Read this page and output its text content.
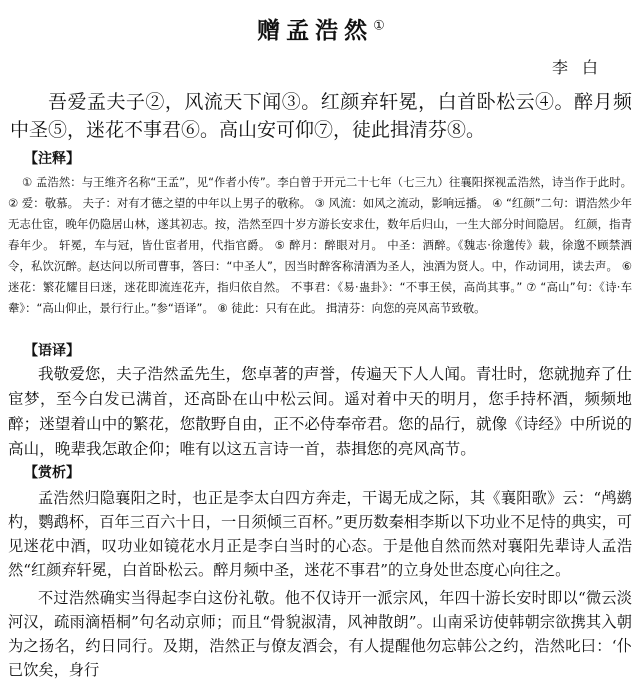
赠孟浩然①
李白
吾爱孟夫子②，风流天下闻③。红颜弃轩冕，白首卧松云④。醉月频中圣⑤，迷花不事君⑥。高山安可仰⑦，徒此揖清芬⑧。
【注释】
① 孟浩然：与王维齐名称“王孟”，见“作者小传”。李白曾于开元二十七年（七三九）往襄阳探视孟浩然，诗当作于此时。 ② 爱：敬慕。 夫子：对有才德之望的中年以上男子的敬称。 ③ 风流：如风之流动，影响远播。 ④ “红颜”二句：谓浩然少年无志仕宦，晚年仍隐居山林，遂其初志。按，浩然至四十岁方游长安求仕，数年后归山，一生大部分时间隐居。 红颜，指青春年少。 轩冕，车与冠，皆仕宦者用，代指官爵。 ⑤ 醉月：醉眼对月。 中圣：酒醉。《魏志·徐邈传》载，徐邈不顾禁酒令，私饮沉醉。赵达问以所司曹事，答曰：“中圣人”，因当时醉客称清酒为圣人，浊酒为贤人。中，作动词用，读去声。 ⑥ 迷花：繁花耀目曰迷，迷花即流连花卉，指归依自然。 不事君：《易·蛊卦》：“不事王侯，高尚其事。” ⑦ “高山”句：《诗·车舝》：“高山仰止，景行行止。”参“语译”。 ⑧ 徒此：只有在此。 揖清芬：向您的亮风高节致敬。
【语译】
我敬爱您，夫子浩然孟先生，您卓著的声誉，传遍天下人人闻。青壮时，您就抛弃了仕宦梦，至今白发已满首，还高卧在山中松云间。遥对着中天的明月，您手持杯酒，频频地醉；迷望着山中的繁花，您散野自由，正不必侍奉帝君。您的品行，就像《诗经》中所说的高山，晚辈我怎敢企仰；唯有以这五言诗一首，恭揖您的亮风高节。
【赏析】

孟浩然归隐襄阳之时，也正是李太白四方奔走，干谒无成之际，其《襄阳歌》云：“鸬鹚杓，鹦鹉杯，百年三百六十日，一日须倾三百杯。”更历数秦相李斯以下功业不足恃的典实，可见迷花中酒，叹功业如镜花水月正是李白当时的心态。于是他自然而然对襄阳先辈诗人孟浩然“红颜弃轩冕，白首卧松云。醉月频中圣，迷花不事君”的立身处世态度心向往之。

不过浩然确实当得起李白这份礼敬。他不仅诗开一派宗风，年四十游长安时即以“微云淡河汉，疏雨滴梧桐”句名动京师；而且“骨貌淑清，风神散朗”。山南采访使韩朝宗欲携其入朝为之扬名，约日同行。及期，浩然正与僚友酒会，有人提醒他勿忘韩公之约，浩然叱曰：‘仆已饮矣，身行
